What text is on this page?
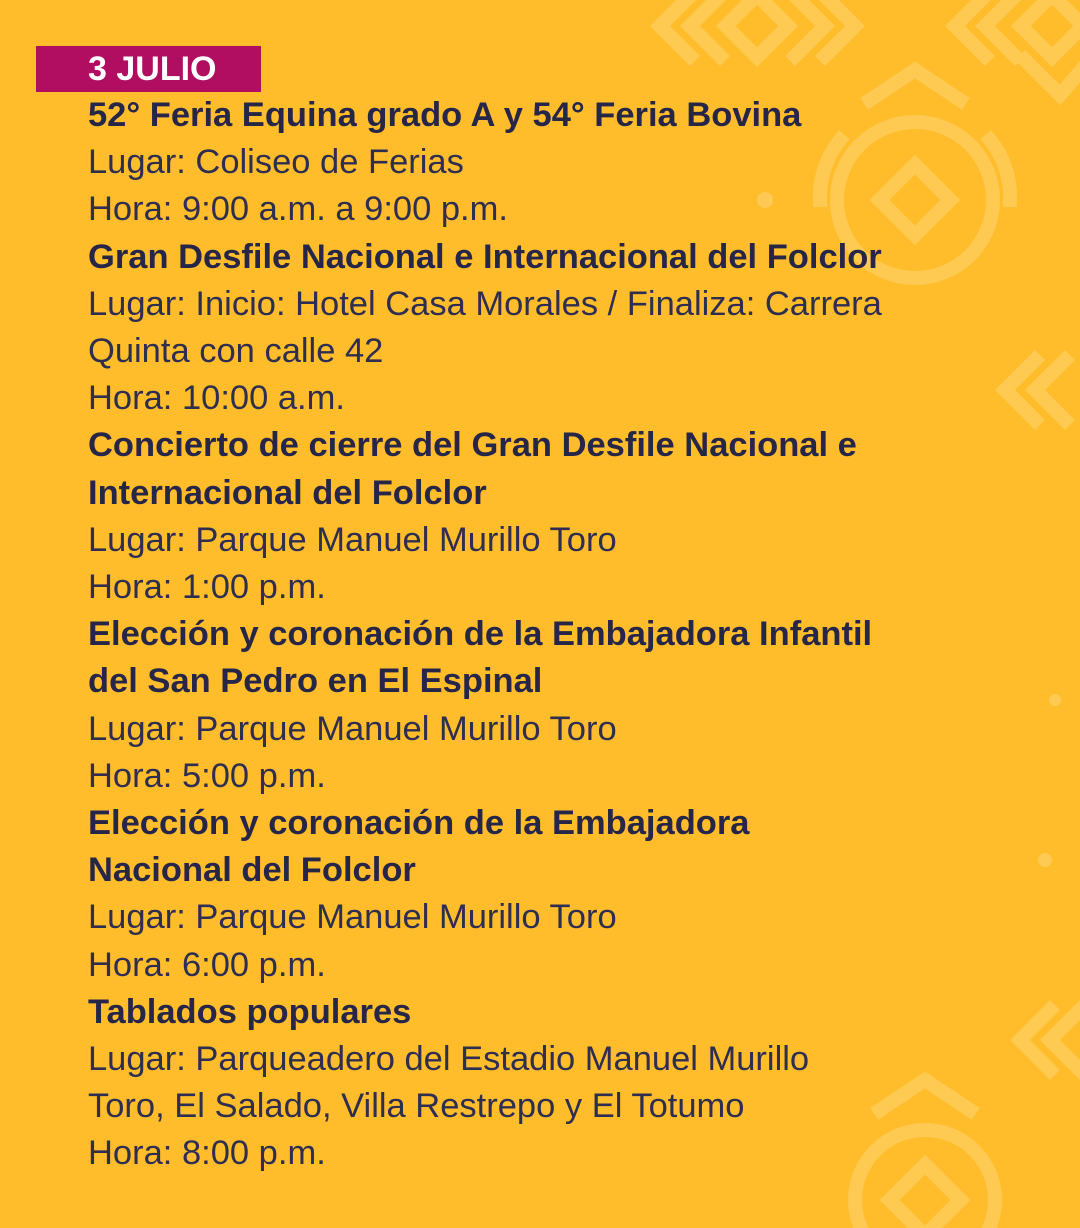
3 JULIO

52° Feria Equina grado A y 54° Feria Bovina

Lugar: Coliseo de Ferias

Hora: 9:00 a.m. a 9:00 p.m.

Gran Desfile Nacional e Internacional del Folclor

Lugar: Inicio: Hotel Casa Morales / Finaliza: Carrera
Quinta con calle 42

Hora: 10:00 a.m.

Concierto de cierre del Gran Desfile Nacional e
Internacional del Folclor

Lugar: Parque Manuel Murillo Toro

Hora: 1:00 p.m.

Elección y coronación de la Embajadora Infantil
del San Pedro en El Espinal

Lugar: Parque Manuel Murillo Toro

Hora: 5:00 p.m.

Elección y coronación de la Embajadora
Nacional del Folclor

Lugar: Parque Manuel Murillo Toro

Hora: 6:00 p.m.

Tablados populares

Lugar: Parqueadero del Estadio Manuel Murillo
Toro, El Salado, Villa Restrepo y El Totumo

Hora: 8:00 p.m.
